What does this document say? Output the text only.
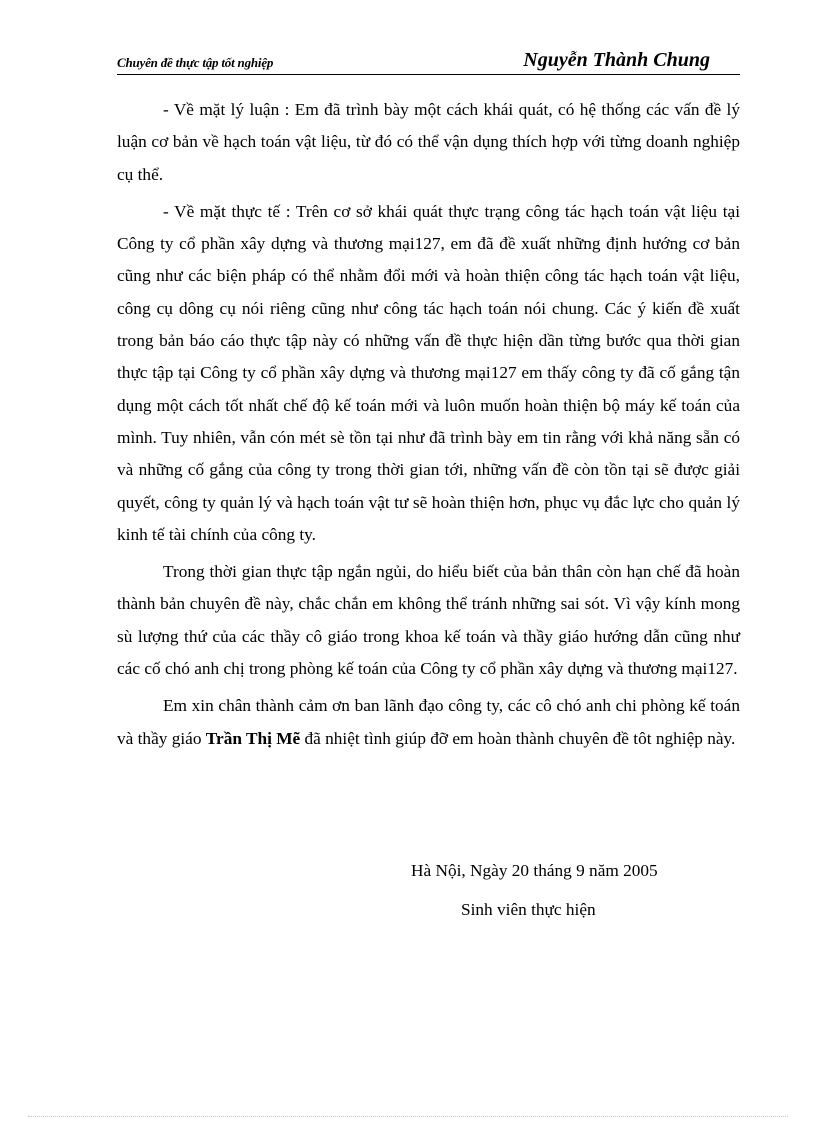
Chuyên đề thực tập tốt nghiệp	Nguyễn Thành Chung

- Về mặt lý luận : Em đã trình bày một cách khái quát, có hệ thống các vấn đề lý luận cơ bản về hạch toán vật liệu, từ đó có thể vận dụng thích hợp với từng doanh nghiệp cụ thể.

- Về mặt thực tế : Trên cơ sở khái quát thực trạng công tác hạch toán vật liệu tại Công ty cổ phần xây dựng và thương mại127, em đã đề xuất những định hướng cơ bản cũng như các biện pháp có thể nhằm đổi mới và hoàn thiện công tác hạch toán vật liệu, công cụ dông cụ nói riêng cũng như công tác hạch toán nói chung. Các ý kiến đề xuất trong bản báo cáo thực tập này có những vấn đề thực hiện dần từng bước qua thời gian thực tập tại Công ty cổ phần xây dựng và thương mại127 em thấy công ty đã cố gắng tận dụng một cách tốt nhất chế độ kế toán mới và luôn muốn hoàn thiện bộ máy kế toán của mình. Tuy nhiên, vẫn cón mét sè tồn tại như đã trình bày em tin rằng với khả năng sẵn có và những cố gắng của công ty trong thời gian tới, những vấn đề còn tồn tại sẽ được giải quyết, công ty quản lý và hạch toán vật tư sẽ hoàn thiện hơn, phục vụ đắc lực cho quản lý kinh tế tài chính của công ty.

Trong thời gian thực tập ngắn ngủi, do hiểu biết của bản thân còn hạn chế đã hoàn thành bản chuyên đề này, chắc chắn em không thể tránh những sai sót. Vì vậy kính mong sù lượng thứ của các thầy cô giáo trong khoa kế toán và thầy giáo hướng dẫn cũng như các cố chó anh chị trong phòng kế toán của Công ty cổ phần xây dựng và thương mại127.

Em xin chân thành cảm ơn ban lãnh đạo công ty, các cô chó anh chi phòng kế toán và thầy giáo Trần Thị Mẽ đã nhiệt tình giúp đỡ em hoàn thành chuyên đề tôt nghiệp này.

Hà Nội, Ngày 20 tháng 9 năm 2005
Sinh viên thực hiện
